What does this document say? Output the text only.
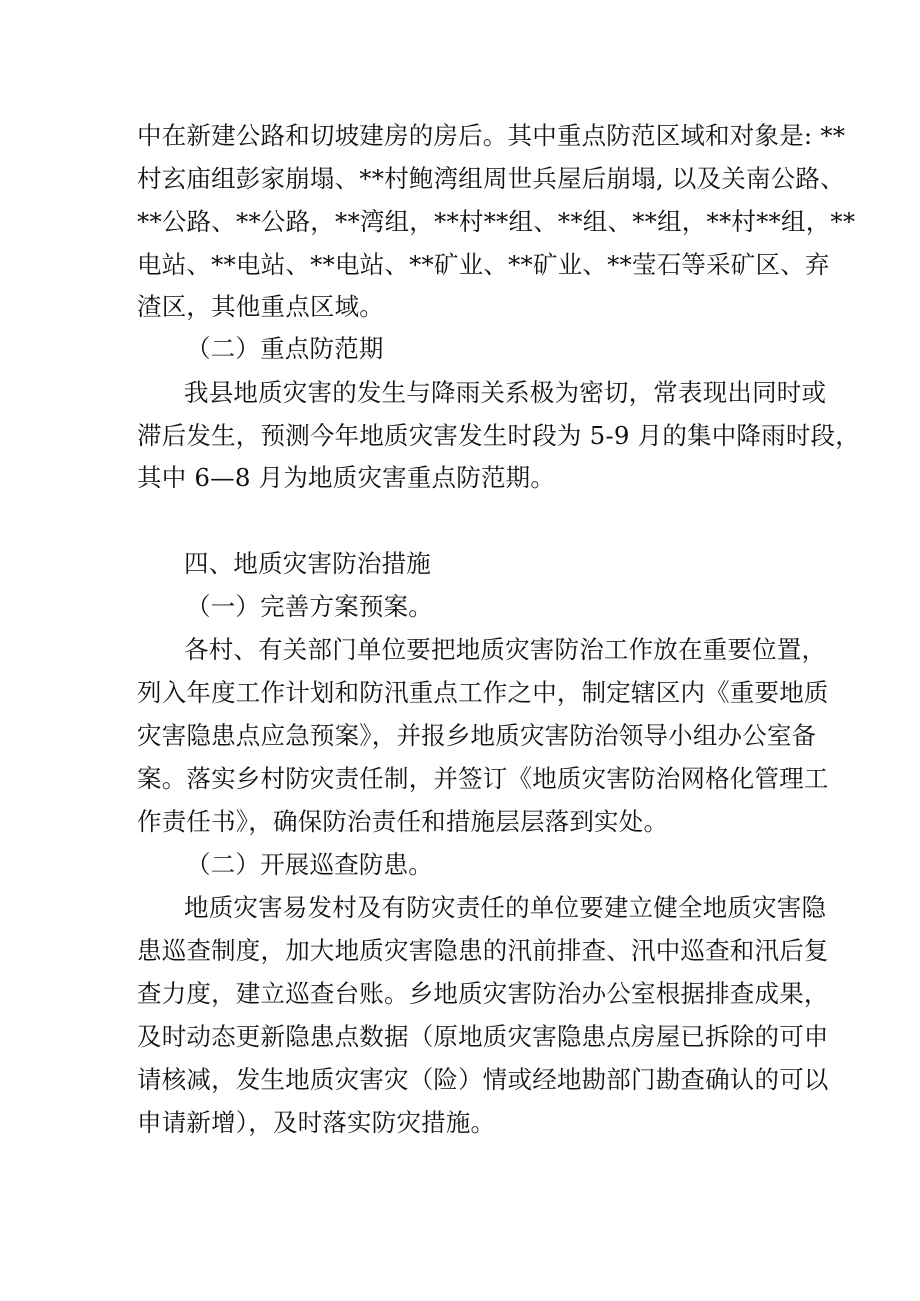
中在新建公路和切坡建房的房后。其中重点防范区域和对象是: **
村玄庙组彭家崩塌、**村鲍湾组周世兵屋后崩塌, 以及关南公路、
**公路、**公路，**湾组，**村**组、**组、**组，**村**组，**
电站、**电站、**电站、**矿业、**矿业、**莹石等采矿区、弃
渣区，其他重点区域。
（二）重点防范期
我县地质灾害的发生与降雨关系极为密切，常表现出同时或
滞后发生，预测今年地质灾害发生时段为 5-9 月的集中降雨时段，
其中 6—8 月为地质灾害重点防范期。
四、地质灾害防治措施
（一）完善方案预案。
各村、有关部门单位要把地质灾害防治工作放在重要位置，
列入年度工作计划和防汛重点工作之中，制定辖区内《重要地质
灾害隐患点应急预案》，并报乡地质灾害防治领导小组办公室备
案。落实乡村防灾责任制，并签订《地质灾害防治网格化管理工
作责任书》，确保防治责任和措施层层落到实处。
（二）开展巡查防患。
地质灾害易发村及有防灾责任的单位要建立健全地质灾害隐
患巡查制度，加大地质灾害隐患的汛前排查、汛中巡查和汛后复
查力度，建立巡查台账。乡地质灾害防治办公室根据排查成果，
及时动态更新隐患点数据（原地质灾害隐患点房屋已拆除的可申
请核减，发生地质灾害灾（险）情或经地勘部门勘查确认的可以
申请新增），及时落实防灾措施。
